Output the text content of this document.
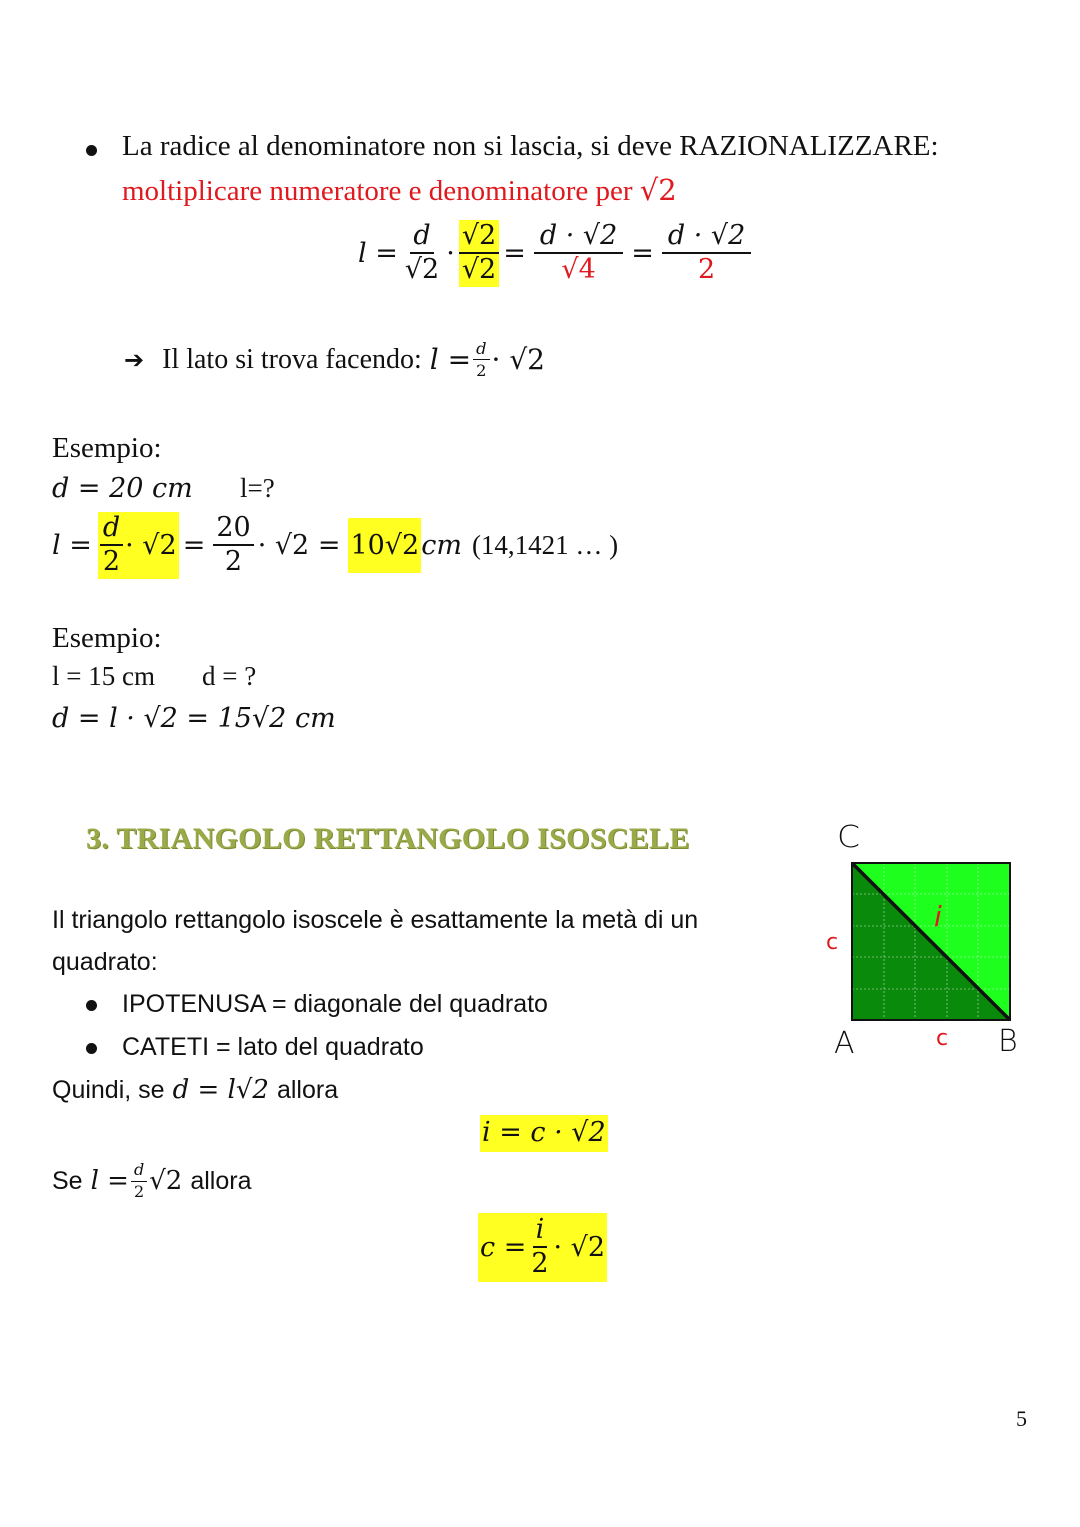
La radice al denominatore non si lascia, si deve RAZIONALIZZARE:
moltiplicare numeratore e denominatore per √2
$l = \frac{d}{√2} \cdot \frac{√2}{√2} = \frac{d \cdot √2}{√4} = \frac{d \cdot √2}{2}$
➔ Il lato si trova facendo: $l = \frac{d}{2} \cdot √2$
Esempio:
d = 20 cm l=?
$l = \frac{d}{2} \cdot √2 = \frac{20}{2} \cdot √2 = 10√2$ cm (14,1421 … )
Esempio:
l = 15 cm d = ?
d = l · √2 = 15√2 cm
3. TRIANGOLO RETTANGOLO ISOSCELE
Il triangolo rettangolo isoscele è esattamente la metà di un
quadrato:
IPOTENUSA = diagonale del quadrato
CATETI = lato del quadrato
Quindi, se d = l√2 allora
i = c · √2
Se $l = \frac{d}{2} √2$ allora
$c = \frac{i}{2} \cdot √2$
C
A	B
c
c
i
5
